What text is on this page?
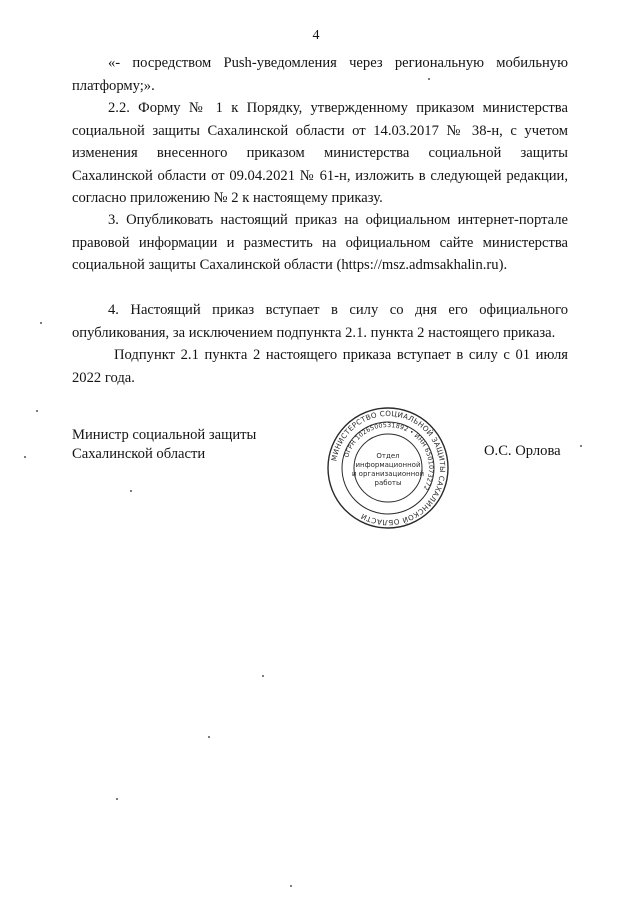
4

«- посредством Push-уведомления через региональную мобильную платформу;».

2.2. Форму № 1 к Порядку, утвержденному приказом министерства социальной защиты Сахалинской области от 14.03.2017 № 38-н, с учетом изменения внесенного приказом министерства социальной защиты Сахалинской области от 09.04.2021 № 61-н, изложить в следующей редакции, согласно приложению № 2 к настоящему приказу.

3. Опубликовать настоящий приказ на официальном интернет-портале правовой информации и разместить на официальном сайте министерства социальной защиты Сахалинской области (https://msz.admsakhalin.ru).

4. Настоящий приказ вступает в силу со дня его официального опубликования, за исключением подпункта 2.1. пункта 2 настоящего приказа.

Подпункт 2.1 пункта 2 настоящего приказа вступает в силу с 01 июля 2022 года.

Министр социальной защиты
Сахалинской области	МИНИСТЕРСТВО СОЦИАЛЬНОЙ ЗАЩИТЫ САХАЛИНСКОЙ ОБЛАСТИ
ОГРН 1026500531892 • ИНН 6501073272
Отдел
информационной
и организационной
работы
О.С. Орлова
